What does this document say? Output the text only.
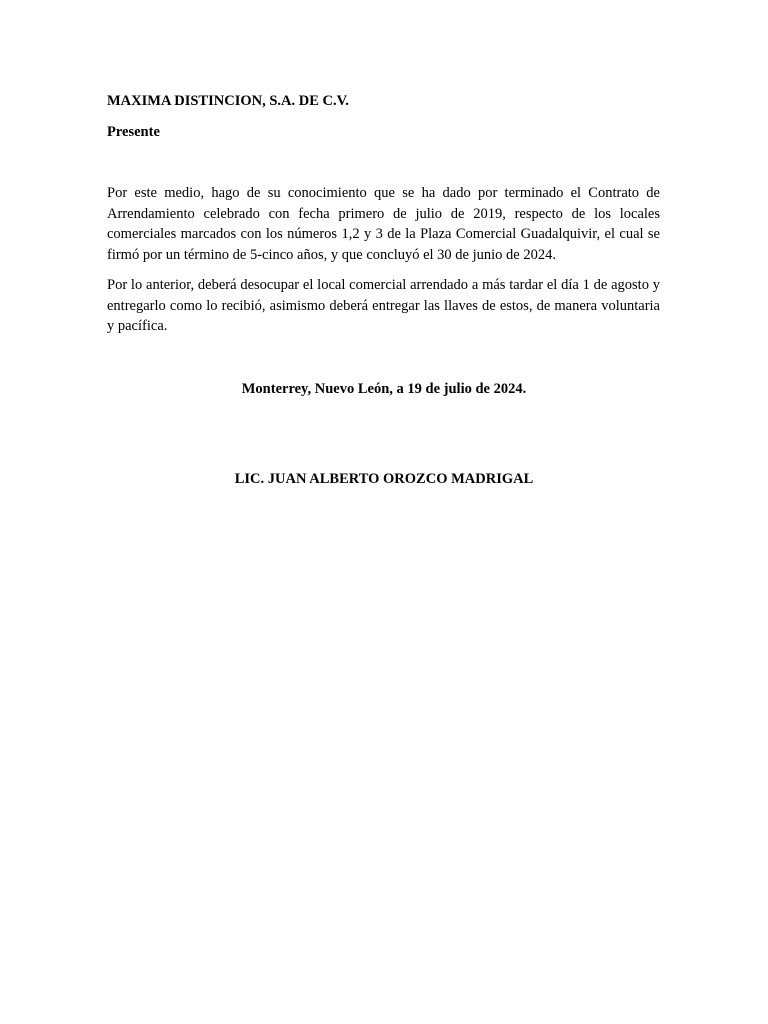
MAXIMA DISTINCION, S.A. DE C.V.

Presente

Por este medio, hago de su conocimiento que se ha dado por terminado el Contrato de Arrendamiento celebrado con fecha primero de julio de 2019, respecto de los locales comerciales marcados con los números 1,2 y 3 de la Plaza Comercial Guadalquivir, el cual se firmó por un término de 5-cinco años, y que concluyó el 30 de junio de 2024.

Por lo anterior, deberá desocupar el local comercial arrendado a más tardar el día 1 de agosto y entregarlo como lo recibió, asimismo deberá entregar las llaves de estos, de manera voluntaria y pacífica.

Monterrey, Nuevo León, a 19 de julio de 2024.

LIC. JUAN ALBERTO OROZCO MADRIGAL
